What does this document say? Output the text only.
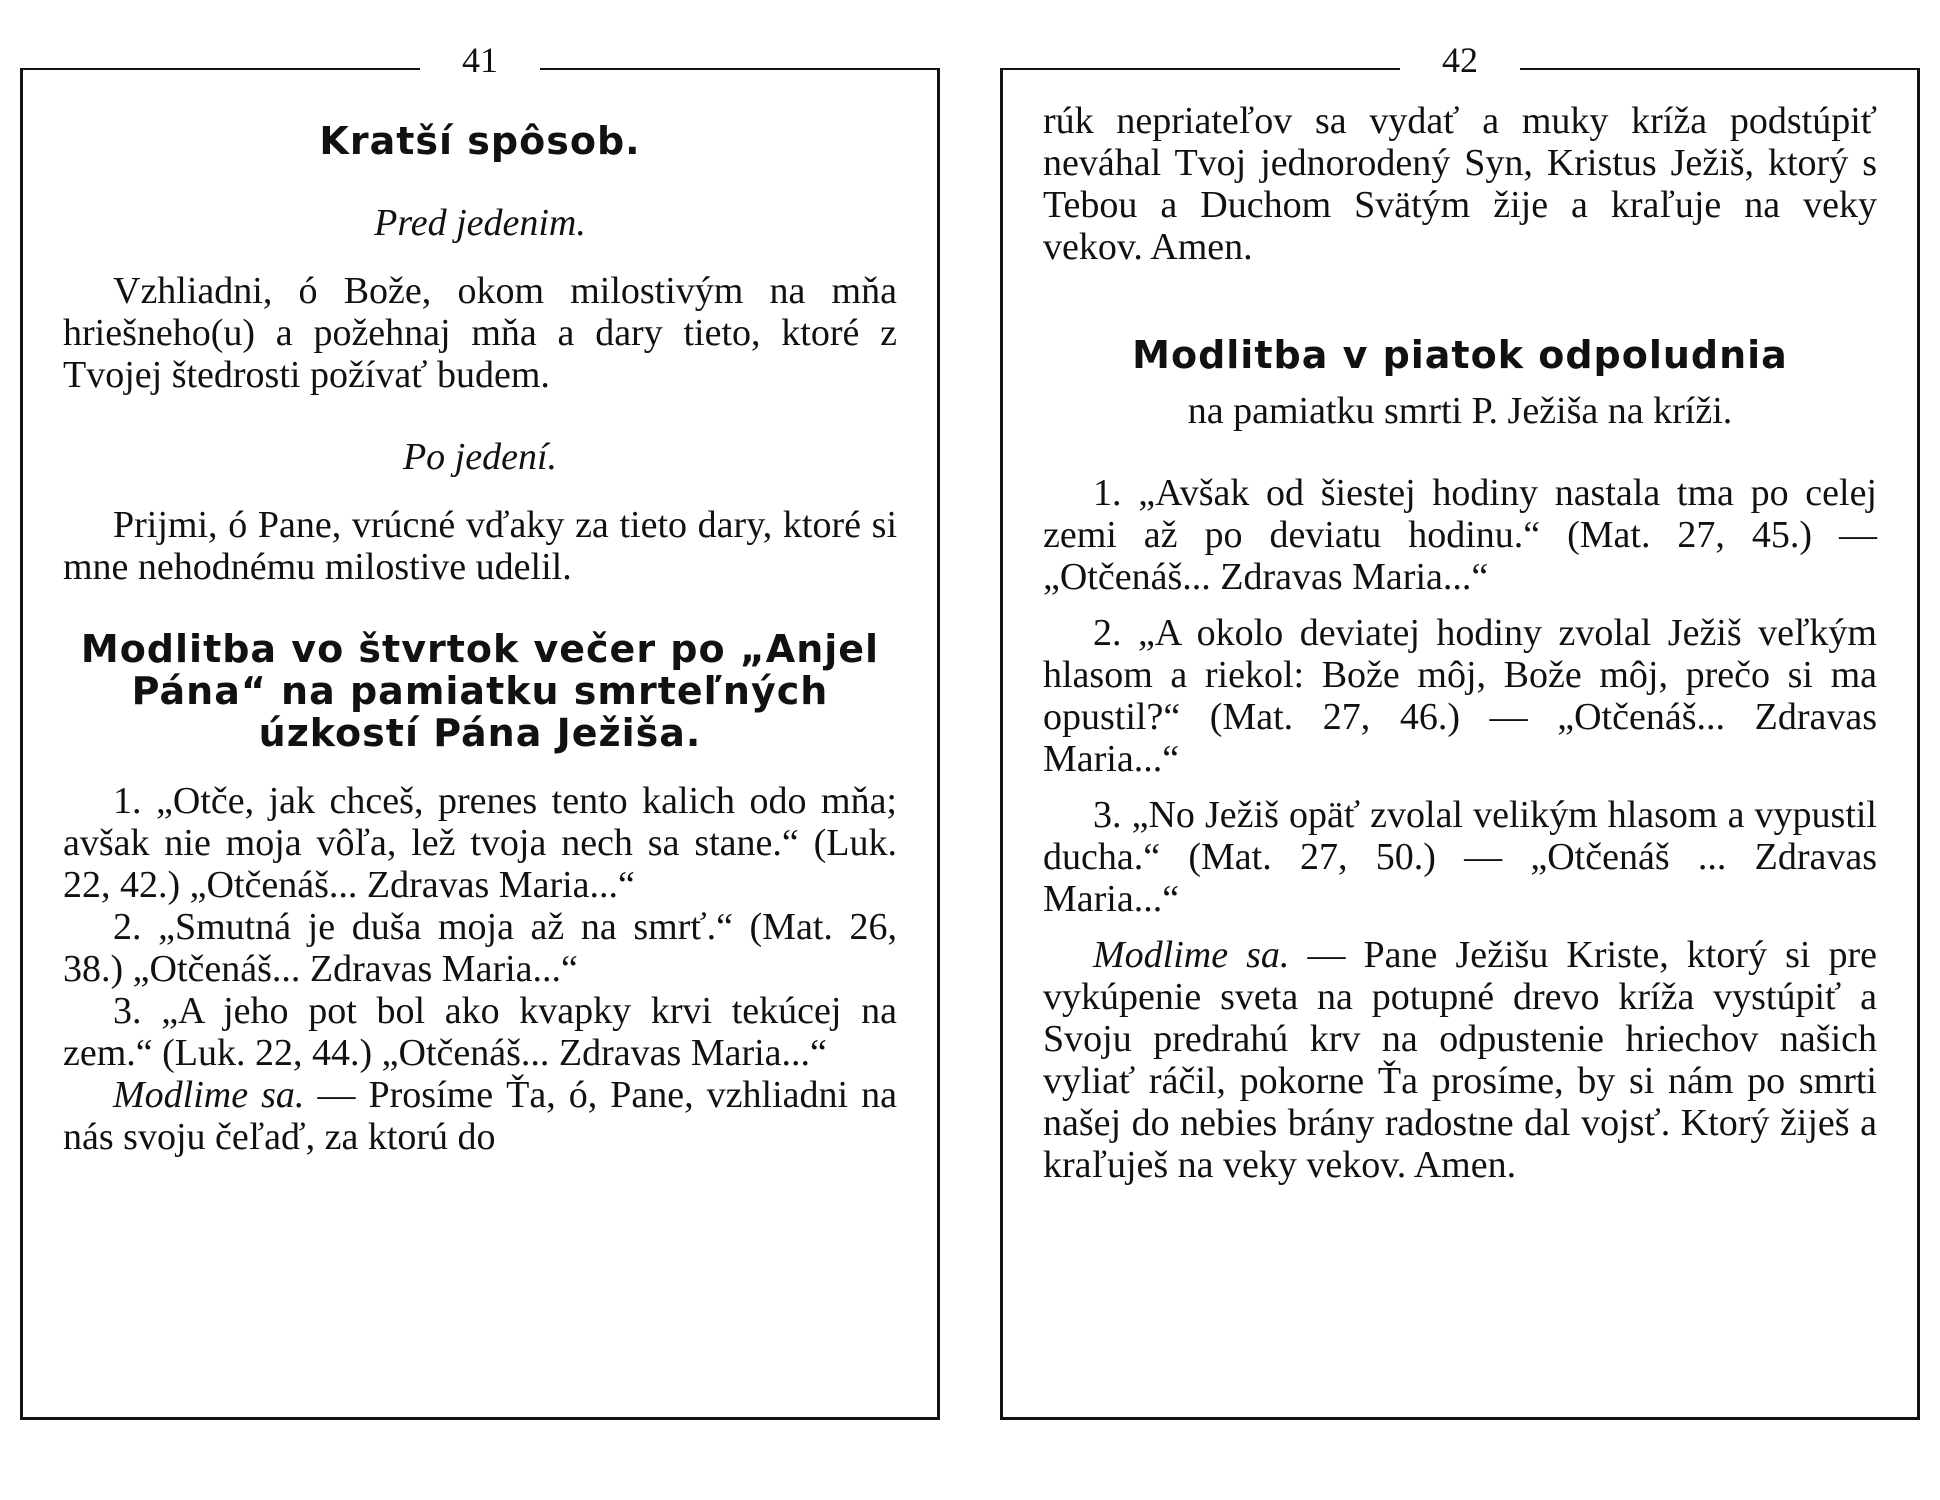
41
Kratší spôsob.
Pred jedenim.

Vzhliadni, ó Bože, okom milostivým na mňa hriešneho(u) a požehnaj mňa a dary tieto, ktoré z Tvojej štedrosti požívať budem.

Po jedení.

Prijmi, ó Pane, vrúcné vďaky za tieto dary, ktoré si mne nehodnému milostive udelil.

Modlitba vo štvrtok večer po „Anjel Pána“ na pamiatku smrteľných úzkostí Pána Ježiša.

1. „Otče, jak chceš, prenes tento kalich odo mňa; avšak nie moja vôľa, lež tvoja nech sa stane.“ (Luk. 22, 42.) „Otčenáš... Zdravas Maria...“

2. „Smutná je duša moja až na smrť.“ (Mat. 26, 38.) „Otčenáš... Zdravas Maria...“

3. „A jeho pot bol ako kvapky krvi tekúcej na zem.“ (Luk. 22, 44.) „Otčenáš... Zdravas Maria...“

Modlime sa. — Prosíme Ťa, ó, Pane, vzhliadni na nás svoju čeľaď, za ktorú do

42

rúk nepriateľov sa vydať a muky kríža podstúpiť neváhal Tvoj jednorodený Syn, Kristus Ježiš, ktorý s Tebou a Duchom Svätým žije a kraľuje na veky vekov. Amen.

Modlitba v piatok odpoludnia
na pamiatku smrti P. Ježiša na kríži.

1. „Avšak od šiestej hodiny nastala tma po celej zemi až po deviatu hodinu.“ (Mat. 27, 45.) — „Otčenáš... Zdravas Maria...“

2. „A okolo deviatej hodiny zvolal Ježiš veľkým hlasom a riekol: Bože môj, Bože môj, prečo si ma opustil?“ (Mat. 27, 46.) — „Otčenáš... Zdravas Maria...“

3. „No Ježiš opäť zvolal velikým hlasom a vypustil ducha.“ (Mat. 27, 50.) — „Otčenáš ... Zdravas Maria...“

Modlime sa. — Pane Ježišu Kriste, ktorý si pre vykúpenie sveta na potupné drevo kríža vystúpiť a Svoju predrahú krv na odpustenie hriechov našich vyliať ráčil, pokorne Ťa prosíme, by si nám po smrti našej do nebies brány radostne dal vojsť. Ktorý žiješ a kraľuješ na veky vekov. Amen.
